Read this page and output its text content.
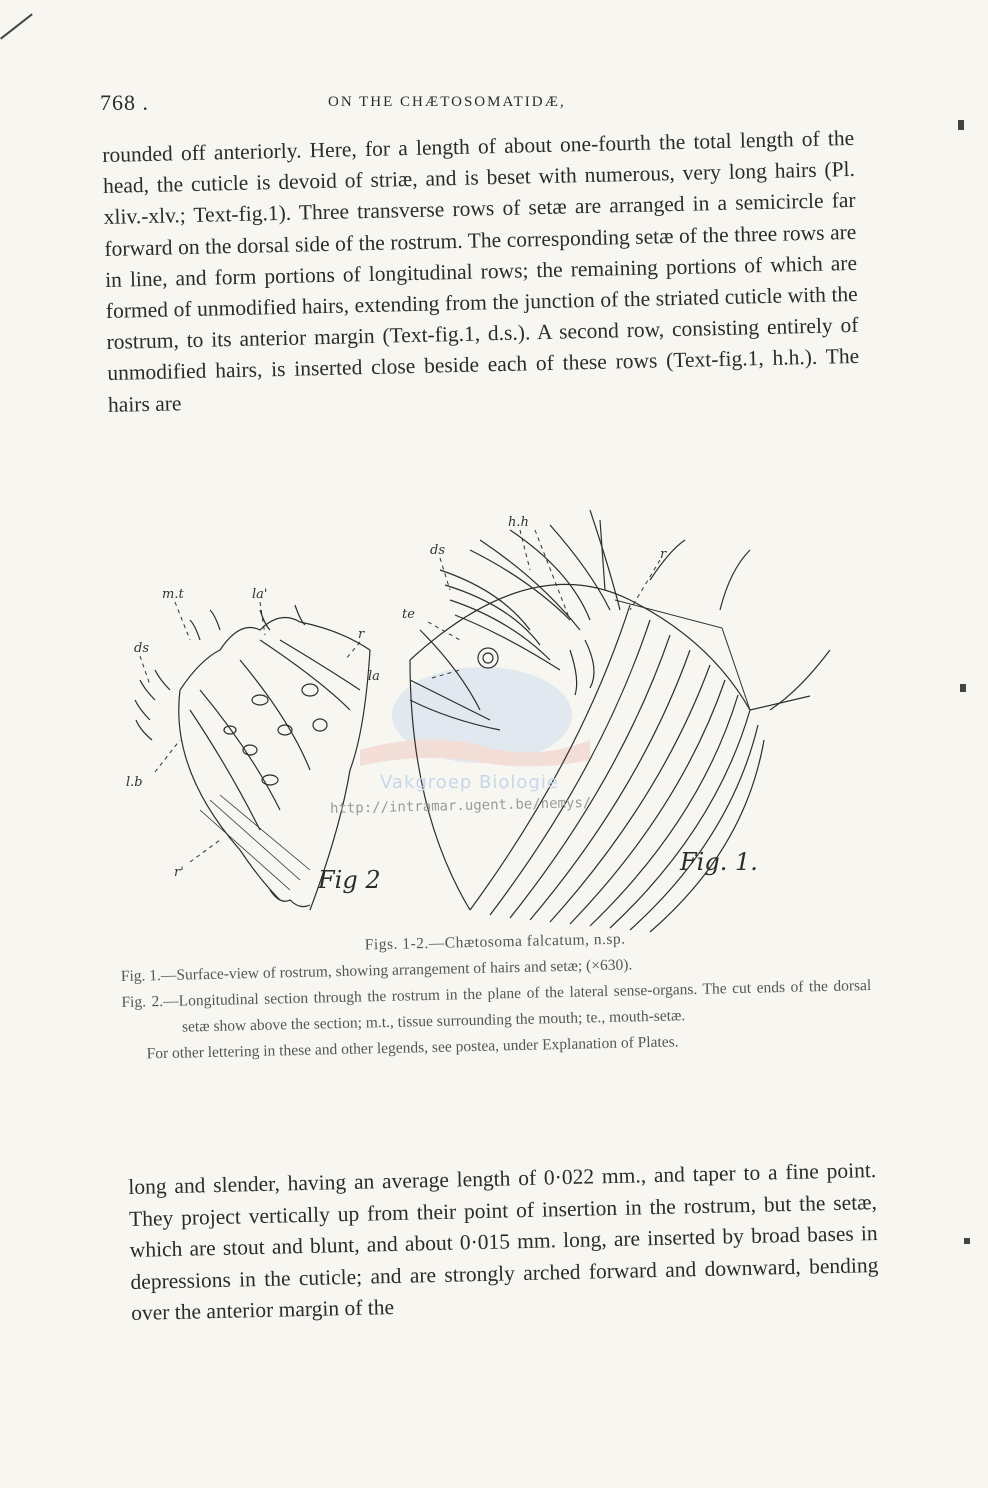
768 .	ON THE CHÆTOSOMATIDÆ,

rounded off anteriorly. Here, for a length of about one-fourth the total length of the head, the cuticle is devoid of striæ, and is beset with numerous, very long hairs (Pl. xliv.-xlv.; Text-fig.1). Three transverse rows of setæ are arranged in a semicircle far forward on the dorsal side of the rostrum. The corresponding setæ of the three rows are in line, and form portions of longitudinal rows; the remaining portions of which are formed of unmodified hairs, extending from the junction of the striated cuticle with the rostrum, to its anterior margin (Text-fig.1, d.s.). A second row, consisting entirely of unmodified hairs, is inserted close beside each of these rows (Text-fig.1, h.h.). The hairs are

h.h
ds	r
te
la
m.t	la'
ds
r
l.b
r'	Fig. 1.
Fig 2
Vakgroep Biologie
http://intramar.ugent.be/nemys/

Figs. 1-2.—Chætosoma falcatum, n.sp.

Fig. 1.—Surface-view of rostrum, showing arrangement of hairs and setæ; (×630).

Fig. 2.—Longitudinal section through the rostrum in the plane of the lateral sense-organs. The cut ends of the dorsal setæ show above the section; m.t., tissue surrounding the mouth; te., mouth-setæ.

For other lettering in these and other legends, see postea, under Explanation of Plates.

long and slender, having an average length of 0·022 mm., and taper to a fine point. They project vertically up from their point of insertion in the rostrum, but the setæ, which are stout and blunt, and about 0·015 mm. long, are inserted by broad bases in depressions in the cuticle; and are strongly arched forward and downward, bending over the anterior margin of the
